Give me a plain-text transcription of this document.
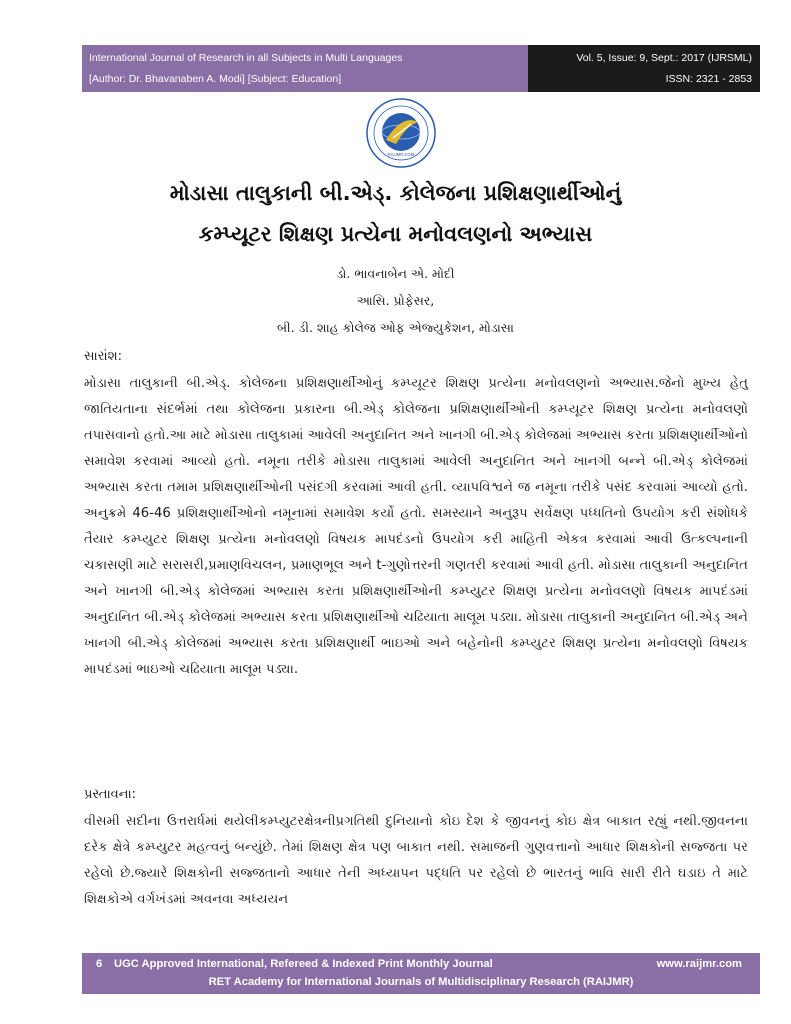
International Journal of Research in all Subjects in Multi Languages
[Author: Dr. Bhavanaben A. Modi] [Subject: Education]
Vol. 5, Issue: 9, Sept.: 2017 (IJRSML)
ISSN: 2321 - 2853
RAIJMR.COM
મોડાસા તાલુકાની બી.એડ્. કોલેજના પ્રશિક્ષણાર્થીઓનું
કમ્પ્યૂટર શિક્ષણ પ્રત્યેના મનોવલણનો અભ્યાસ
ડો. ભાવનાબેન એ. મોદી
આસિ. પ્રોફેસર,
બી. ડી. શાહ કોલેજ ઓફ એજ્યુકેશન, મોડાસા
સારાંશ:
મોડાસા તાલુકાની બી.એડ્. કોલેજના પ્રશિક્ષણાર્થીઓનું કમ્પ્યૂટર શિક્ષણ પ્રત્યેના મનોવલણનો અભ્યાસ.જેનો મુખ્ય હેતુ જાતિયતાના સંદર્ભમાં તથા કોલેજના પ્રકારના બી.એડ્ કોલેજના પ્રશિક્ષણાર્થીઓની કમ્પ્યૂટર શિક્ષણ પ્રત્યેના મનોવલણો તપાસવાનો હતો.આ માટે મોડાસા તાલુકામાં આવેલી અનુદાનિત અને ખાનગી બી.એડ્ કોલેજમાં અભ્યાસ કરતા પ્રશિક્ષણાર્થીઓનો સમાવેશ કરવામાં આવ્યો હતો. નમૂના તરીકે મોડાસા તાલુકામાં આવેલી અનુદાનિત અને ખાનગી બન્ને બી.એડ્ કોલેજમાં અભ્યાસ કરતા તમામ પ્રશિક્ષણાર્થીઓની પસંદગી કરવામાં આવી હતી. વ્યાપવિશ્વને જ નમૂના તરીકે પસંદ કરવામાં આવ્યો હતો. અનુક્રમે 46-46 પ્રશિક્ષણાર્થીઓનો નમૂનામાં સમાવેશ કર્યો હતો. સમસ્યાને અનુરૂપ સર્વેક્ષણ પધ્ધતિનો ઉપયોગ કરી સંશોધકે તૈયાર કમ્પ્યુટર શિક્ષણ પ્રત્યેના મનોવલણો વિષયક માપદંડનો ઉપયોગ કરી માહિતી એકત્ર કરવામાં આવી ઉત્કલ્પનાની ચકાસણી માટે સરાસરી,પ્રમાણવિચલન, પ્રમાણભૂલ અને t-ગુણોત્તરની ગણતરી કરવામાં આવી હતી. મોડાસા તાલુકાની અનુદાનિત અને ખાનગી બી.એડ્ કોલેજમાં અભ્યાસ કરતા પ્રશિક્ષણાર્થીઓની કમ્પ્યુટર શિક્ષણ પ્રત્યેના મનોવલણો વિષયક માપદંડમાં અનુદાનિત બી.એડ્ કોલેજમાં અભ્યાસ કરતા પ્રશિક્ષણાર્થીઓ ચઢિયાતા માલૂમ પડ્યા. મોડાસા તાલુકાની અનુદાનિત બી.એડ્ અને ખાનગી બી.એડ્ કોલેજમાં અભ્યાસ કરતા પ્રશિક્ષણાર્થી ભાઇઓ અને બહેનોની કમ્પ્યુટર શિક્ષણ પ્રત્યેના મનોવલણો વિષયક માપદંડમાં ભાઇઓ ચઢિયાતા માલૂમ પડ્યા.
પ્રસ્તાવના:
વીસમી સદીના ઉત્તરાર્ધમાં થયેલીકમ્પ્યુટરક્ષેત્રનીપ્રગતિથી દુનિયાનો કોઇ દેશ કે જીવનનું કોઇ ક્ષેત્ર બાકાત રહ્યું નથી.જીવનના દરેક ક્ષેત્રે કમ્પ્યુટર મહત્વનું બન્યુંછે. તેમાં શિક્ષણ ક્ષેત્ર પણ બાકાત નથી. સમાજની ગુણવત્તાનો આધાર શિક્ષકોની સજ્જતા પર રહેલો છે.જ્યારે શિક્ષકોની સજ્જતાનો આધાર તેની અધ્યાપન પદ્ધતિ પર રહેલો છે ભારતનું ભાવિ સારી રીતે ઘડાઇ તે માટે શિક્ષકોએ વર્ગખંડમાં અવનવા અધ્યયન
6 UGC Approved International, Refereed & Indexed Print Monthly Journal	www.raijmr.com
RET Academy for International Journals of Multidisciplinary Research (RAIJMR)
